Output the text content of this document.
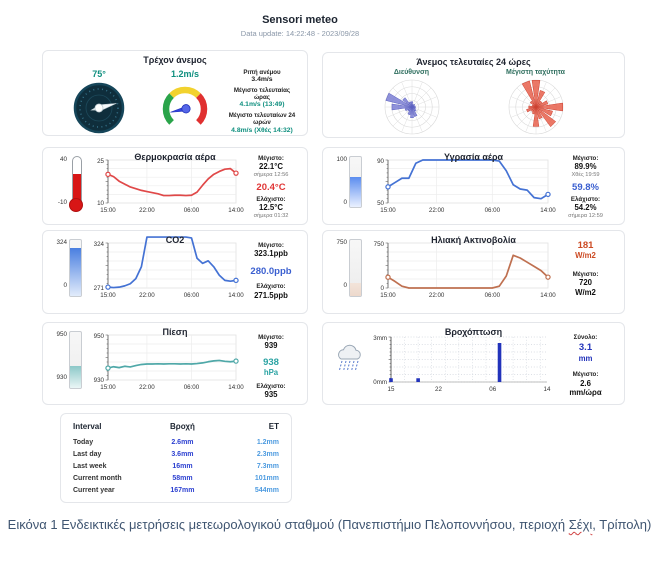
Sensori meteo
Data update: 14:22:48 - 2023/09/28
Τρέχον άνεμος
75°	1.2m/s	Ριπή ανέμου
3.4m/s
Μέγιστο τελευταίας ώρας
4.1m/s (13:49)
Μέγιστο τελευταίων 24 ωρών
4.8m/s (Χθές 14:32)
Άνεμος τελευταίες 24 ώρες
Διεύθυνση	Μέγιστη ταχύτητα
Θερμοκρασία αέρα
40
-10
25
10
15:00	22:00	06:00	14:00
Μέγιστο:
22.1°C
σήμερα 12:56
20.4°C
Ελάχιστο:
12.5°C
σήμερα 01:32
Υγρασία αέρα
100
0
90
50
15:00	22:00	06:00	14:00
Μέγιστο:
89.9%
Χθές 19:59
59.8%
Ελάχιστο:
54.2%
σήμερα 12:59
CO2
324
0
324
271
15:00	22:00	06:00	14:00
Μέγιστο:
323.1ppb
280.0ppb
Ελάχιστο:
271.5ppb
Ηλιακή Ακτινοβολία
750
0
750
0
15:00	22:00	06:00	14:00
181
W/m2
Μέγιστο:
720
W/m2
Πίεση
950
930
950
930
15:00	22:00	06:00	14:00
Μέγιστο:
939
938
hPa
Ελάχιστο:
935
Βροχόπτωση
3mm
0mm
15	22	06	14
Σύνολο:
3.1
mm
Μέγιστο:
2.6
mm/ώρα
Interval	Βροχή	ET
Today	2.6mm	1.2mm
Last day	3.6mm	2.3mm
Last week	16mm	7.3mm
Current month	58mm	101mm
Current year	167mm	544mm
Εικόνα 1 Ενδεικτικές μετρήσεις μετεωρολογικού σταθμού (Πανεπιστήμιο Πελοποννήσου, περιοχή Σέχι, Τρίπολη)
